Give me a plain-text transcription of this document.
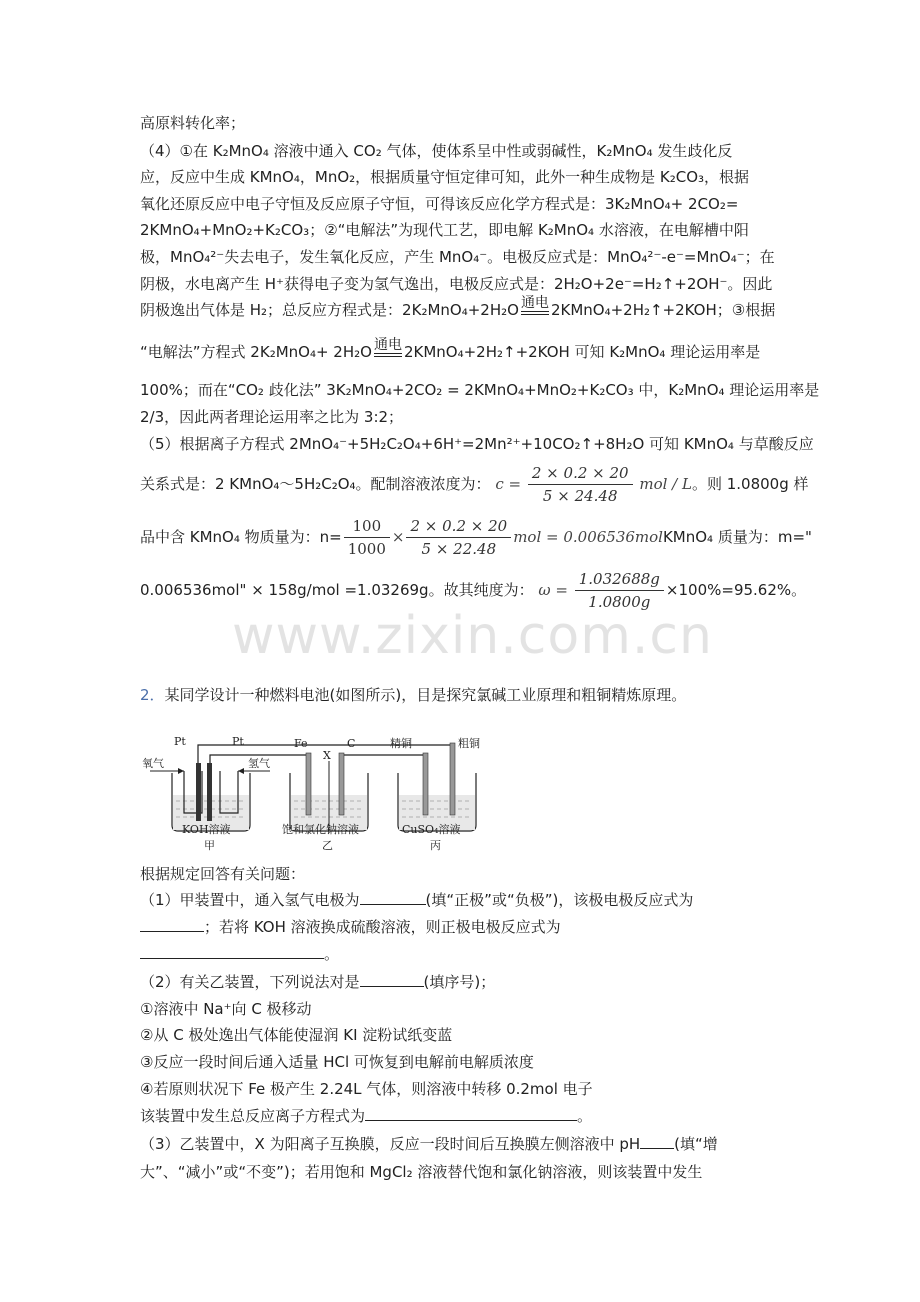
高原料转化率；
（4）①在 K₂MnO₄ 溶液中通入 CO₂ 气体，使体系呈中性或弱碱性，K₂MnO₄ 发生歧化反
应，反应中生成 KMnO₄，MnO₂，根据质量守恒定律可知，此外一种生成物是 K₂CO₃，根据
氧化还原反应中电子守恒及反应原子守恒，可得该反应化学方程式是：3K₂MnO₄+ 2CO₂=
2KMnO₄+MnO₂+K₂CO₃；②“电解法”为现代工艺，即电解 K₂MnO₄ 水溶液，在电解槽中阳
极，MnO₄²⁻失去电子，发生氧化反应，产生 MnO₄⁻。电极反应式是：MnO₄²⁻-e⁻=MnO₄⁻；在
阴极，水电离产生 H⁺获得电子变为氢气逸出，电极反应式是：2H₂O+2e⁻=H₂↑+2OH⁻。因此
阴极逸出气体是 H₂；总反应方程式是：2K₂MnO₄+2H₂O 通电 2KMnO₄+2H₂↑+2KOH；③根据
“电解法”方程式 2K₂MnO₄+ 2H₂O 通电 2KMnO₄+2H₂↑+2KOH 可知 K₂MnO₄ 理论运用率是
100%；而在“CO₂ 歧化法” 3K₂MnO₄+2CO₂ = 2KMnO₄+MnO₂+K₂CO₃ 中，K₂MnO₄ 理论运用率是
2/3，因此两者理论运用率之比为 3:2；
（5）根据离子方程式 2MnO₄⁻+5H₂C₂O₄+6H⁺=2Mn²⁺+10CO₂↑+8H₂O 可知 KMnO₄ 与草酸反应
关系式是：2 KMnO₄～5H₂C₂O₄。配制溶液浓度为： $c = \frac{2 \times 0.2 \times 20}{5 \times 24.48}$ mol / L。则 1.0800g 样
品中含 KMnO₄ 物质量为：$n= \frac{100}{1000} \times \frac{2 \times 0.2 \times 20}{5 \times 22.48}$ mol = 0.006536molKMnO₄ 质量为：m="
0.006536mol" × 158g/mol =1.03269g。故其纯度为： $\omega = \frac{1.032688g}{1.0800g} \times 100\%=95.62\%$。
www.zixin.com.cn
2．某同学设计一种燃料电池(如图所示)，目是探究氯碱工业原理和粗铜精炼原理。
Pt	Pt
氧气	氢气
Fe
X
C	精铜	粗铜
KOH溶液
甲
饱和氯化钠溶液
乙
CuSO₄溶液
丙
根据规定回答有关问题：
（1）甲装置中，通入氢气电极为	(填“正极”或“负极”)，该极电极反应式为
；若将 KOH 溶液换成硫酸溶液，则正极电极反应式为
。
（2）有关乙装置，下列说法对是	(填序号)；
①溶液中 Na⁺向 C 极移动
②从 C 极处逸出气体能使湿润 KI 淀粉试纸变蓝
③反应一段时间后通入适量 HCl 可恢复到电解前电解质浓度
④若原则状况下 Fe 极产生 2.24L 气体，则溶液中转移 0.2mol 电子
该装置中发生总反应离子方程式为	。
（3）乙装置中，X 为阳离子互换膜，反应一段时间后互换膜左侧溶液中 pH (填“增
大”、“减小”或“不变”)；若用饱和 MgCl₂ 溶液替代饱和氯化钠溶液，则该装置中发生
